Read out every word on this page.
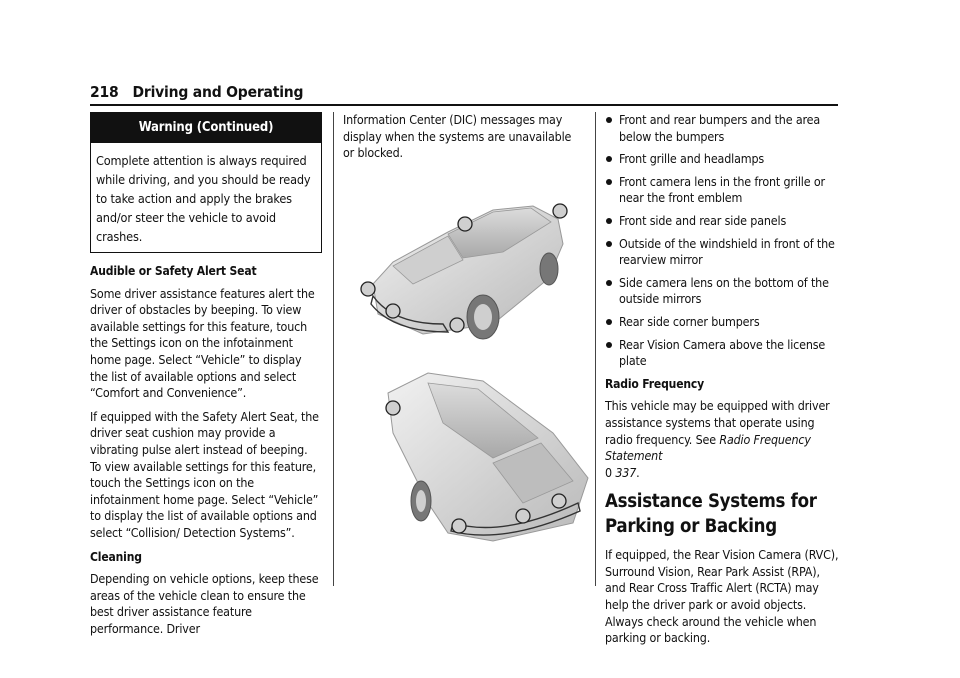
218 Driving and Operating
Warning (Continued)
Complete attention is always required while driving, and you should be ready to take action and apply the brakes and/or steer the vehicle to avoid crashes.
Audible or Safety Alert Seat

Some driver assistance features alert the driver of obstacles by beeping. To view available settings for this feature, touch the Settings icon on the infotainment home page. Select “Vehicle” to display the list of available options and select “Comfort and Convenience”.

If equipped with the Safety Alert Seat, the driver seat cushion may provide a vibrating pulse alert instead of beeping. To view available settings for this feature, touch the Settings icon on the infotainment home page. Select “Vehicle” to display the list of available options and select “Collision/ Detection Systems”.

Cleaning

Depending on vehicle options, keep these areas of the vehicle clean to ensure the best driver assistance feature performance. Driver

Information Center (DIC) messages may display when the systems are unavailable or blocked.

Front and rear bumpers and the area below the bumpers
Front grille and headlamps
Front camera lens in the front grille or near the front emblem
Front side and rear side panels
Outside of the windshield in front of the rearview mirror
Side camera lens on the bottom of the outside mirrors
Rear side corner bumpers
Rear Vision Camera above the license plate
Radio Frequency

This vehicle may be equipped with driver assistance systems that operate using radio frequency. See Radio Frequency Statement
0 337.

Assistance Systems for Parking or Backing

If equipped, the Rear Vision Camera (RVC), Surround Vision, Rear Park Assist (RPA), and Rear Cross Traffic Alert (RCTA) may help the driver park or avoid objects. Always check around the vehicle when parking or backing.
